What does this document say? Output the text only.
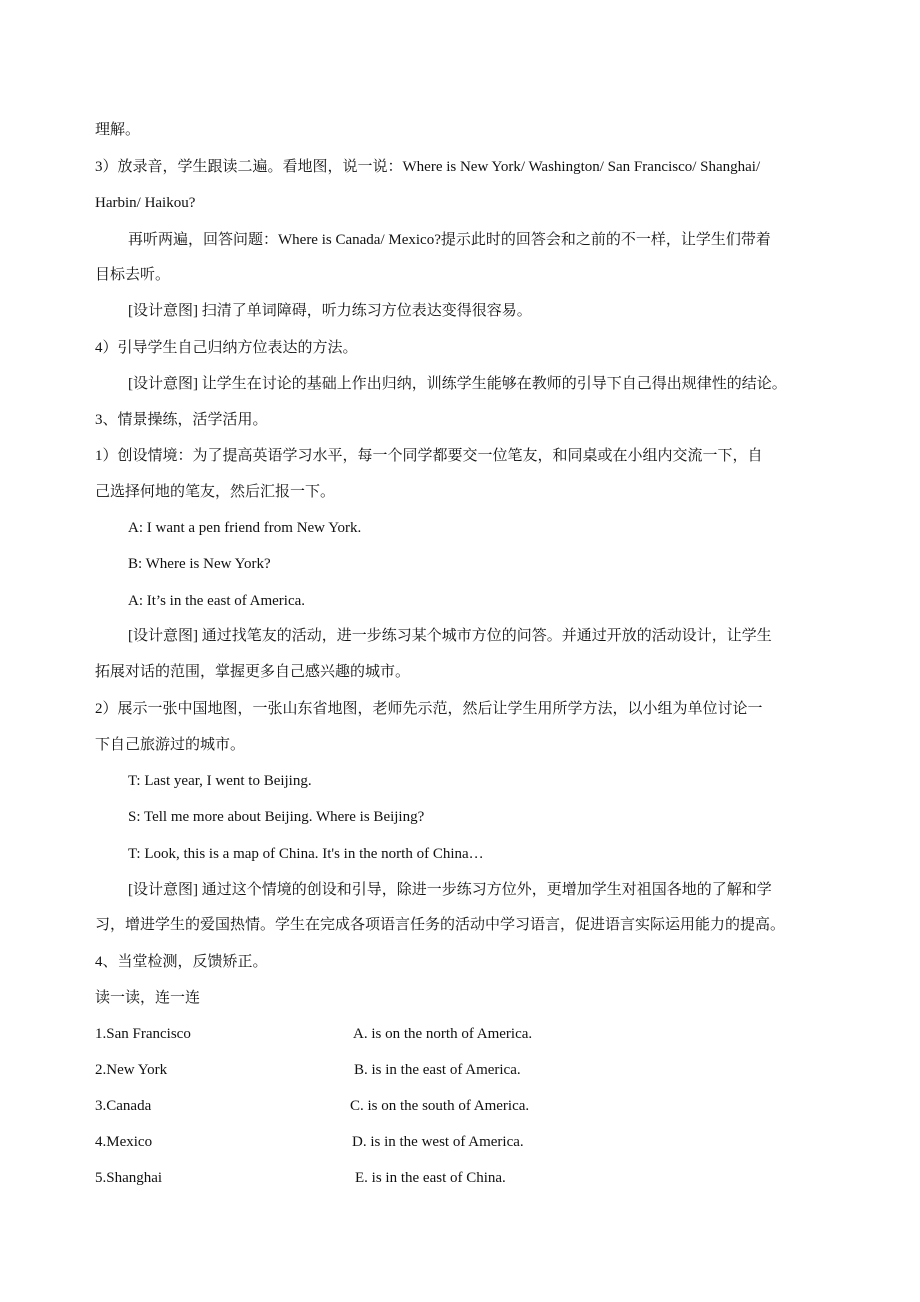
理解。
3）放录音，学生跟读二遍。看地图，说一说：Where is New York/ Washington/ San Francisco/ Shanghai/
Harbin/ Haikou?
再听两遍，回答问题：Where is Canada/ Mexico?提示此时的回答会和之前的不一样，让学生们带着
目标去听。
[设计意图] 扫清了单词障碍，听力练习方位表达变得很容易。
4）引导学生自己归纳方位表达的方法。
[设计意图] 让学生在讨论的基础上作出归纳，训练学生能够在教师的引导下自己得出规律性的结论。
3、情景操练，活学活用。
1）创设情境：为了提高英语学习水平，每一个同学都要交一位笔友，和同桌或在小组内交流一下，自
己选择何地的笔友，然后汇报一下。
A: I want a pen friend from New York.
B: Where is New York?
A: It’s in the east of America.
[设计意图] 通过找笔友的活动，进一步练习某个城市方位的问答。并通过开放的活动设计，让学生
拓展对话的范围，掌握更多自己感兴趣的城市。
2）展示一张中国地图，一张山东省地图，老师先示范，然后让学生用所学方法，以小组为单位讨论一
下自己旅游过的城市。
T: Last year, I went to Beijing.
S: Tell me more about Beijing. Where is Beijing?
T: Look, this is a map of China. It's in the north of China…
[设计意图] 通过这个情境的创设和引导，除进一步练习方位外，更增加学生对祖国各地的了解和学
习，增进学生的爱国热情。学生在完成各项语言任务的活动中学习语言，促进语言实际运用能力的提高。
4、当堂检测，反馈矫正。
读一读，连一连
1.San Francisco	A. is on the north of America.
2.New York	B. is in the east of America.
3.Canada	C. is on the south of America.
4.Mexico	D. is in the west of America.
5.Shanghai	E. is in the east of China.
